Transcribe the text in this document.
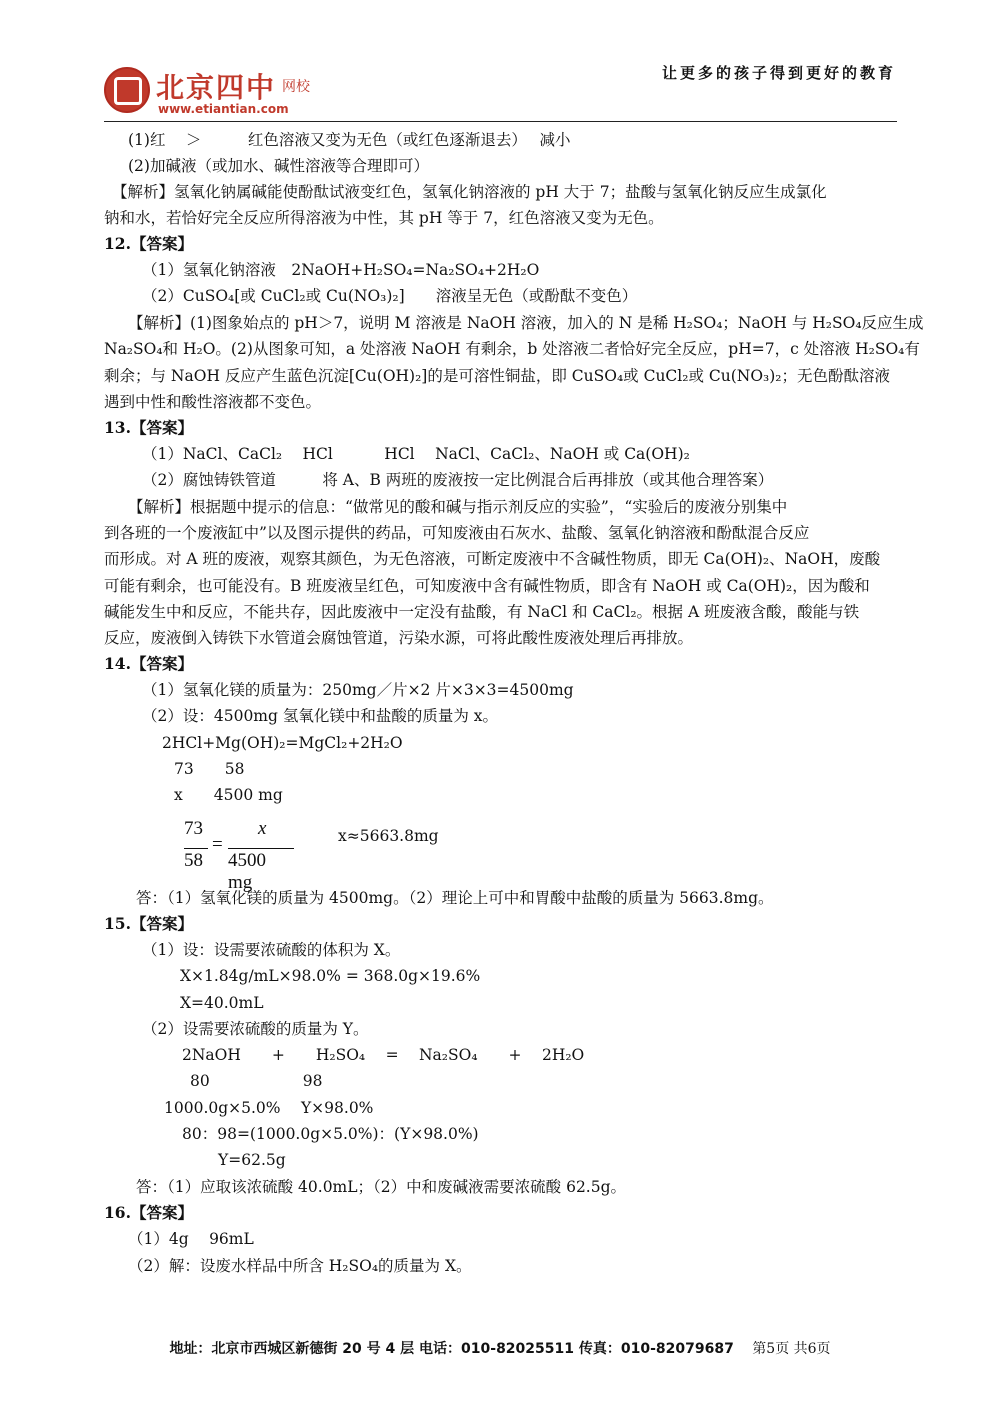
北京四中 网校
www.etiantian.com
让更多的孩子得到更好的教育
(1)红　 ＞　　　红色溶液又变为无色（或红色逐渐退去）　 减小
(2)加碱液（或加水、碱性溶液等合理即可）
【解析】氢氧化钠属碱能使酚酞试液变红色，氢氧化钠溶液的 pH 大于 7；盐酸与氢氧化钠反应生成氯化
钠和水，若恰好完全反应所得溶液为中性，其 pH 等于 7，红色溶液又变为无色。
12.【答案】
（1）氢氧化钠溶液　2NaOH+H₂SO₄=Na₂SO₄+2H₂O
（2）CuSO₄[或 CuCl₂或 Cu(NO₃)₂]　　溶液呈无色（或酚酞不变色）
【解析】(1)图象始点的 pH＞7，说明 M 溶液是 NaOH 溶液，加入的 N 是稀 H₂SO₄；NaOH 与 H₂SO₄反应生成
Na₂SO₄和 H₂O。(2)从图象可知，a 处溶液 NaOH 有剩余，b 处溶液二者恰好完全反应，pH=7，c 处溶液 H₂SO₄有
剩余；与 NaOH 反应产生蓝色沉淀[Cu(OH)₂]的是可溶性铜盐，即 CuSO₄或 CuCl₂或 Cu(NO₃)₂；无色酚酞溶液
遇到中性和酸性溶液都不变色。
13.【答案】
（1）NaCl、CaCl₂　 HCl　　　 HCl　 NaCl、CaCl₂、NaOH 或 Ca(OH)₂
（2）腐蚀铸铁管道　　　将 A、B 两班的废液按一定比例混合后再排放（或其他合理答案）
【解析】根据题中提示的信息：“做常见的酸和碱与指示剂反应的实验”，“实验后的废液分别集中
到各班的一个废液缸中”以及图示提供的药品，可知废液由石灰水、盐酸、氢氧化钠溶液和酚酞混合反应
而形成。对 A 班的废液，观察其颜色，为无色溶液，可断定废液中不含碱性物质，即无 Ca(OH)₂、NaOH，废酸
可能有剩余，也可能没有。B 班废液呈红色，可知废液中含有碱性物质，即含有 NaOH 或 Ca(OH)₂，因为酸和
碱能发生中和反应，不能共存，因此废液中一定没有盐酸，有 NaCl 和 CaCl₂。根据 A 班废液含酸，酸能与铁
反应，废液倒入铸铁下水管道会腐蚀管道，污染水源，可将此酸性废液处理后再排放。
14.【答案】
（1）氢氧化镁的质量为：250mg／片×2 片×3×3=4500mg
（2）设：4500mg 氢氧化镁中和盐酸的质量为 x。
2HCl+Mg(OH)₂=MgCl₂+2H₂O
73　　58
x　　4500 mg
73
58
=
x
4500 mg
x≈5663.8mg
答：（1）氢氧化镁的质量为 4500mg。（2）理论上可中和胃酸中盐酸的质量为 5663.8mg。
15.【答案】
（1）设：设需要浓硫酸的体积为 X。
X×1.84g/mL×98.0% = 368.0g×19.6%
X=40.0mL
（2）设需要浓硫酸的质量为 Y。
2NaOH　　+　　H₂SO₄　 =　 Na₂SO₄　　+　 2H₂O
80　　　　　　98
1000.0g×5.0%　 Y×98.0%
80：98=(1000.0g×5.0%)：(Y×98.0%)
Y=62.5g
答：（1）应取该浓硫酸 40.0mL；（2）中和废碱液需要浓硫酸 62.5g。
16.【答案】
（1）4g　 96mL
（2）解：设废水样品中所含 H₂SO₄的质量为 X。
地址：北京市西城区新德街 20 号 4 层 电话：010-82025511 传真：010-82079687 第5页 共6页
